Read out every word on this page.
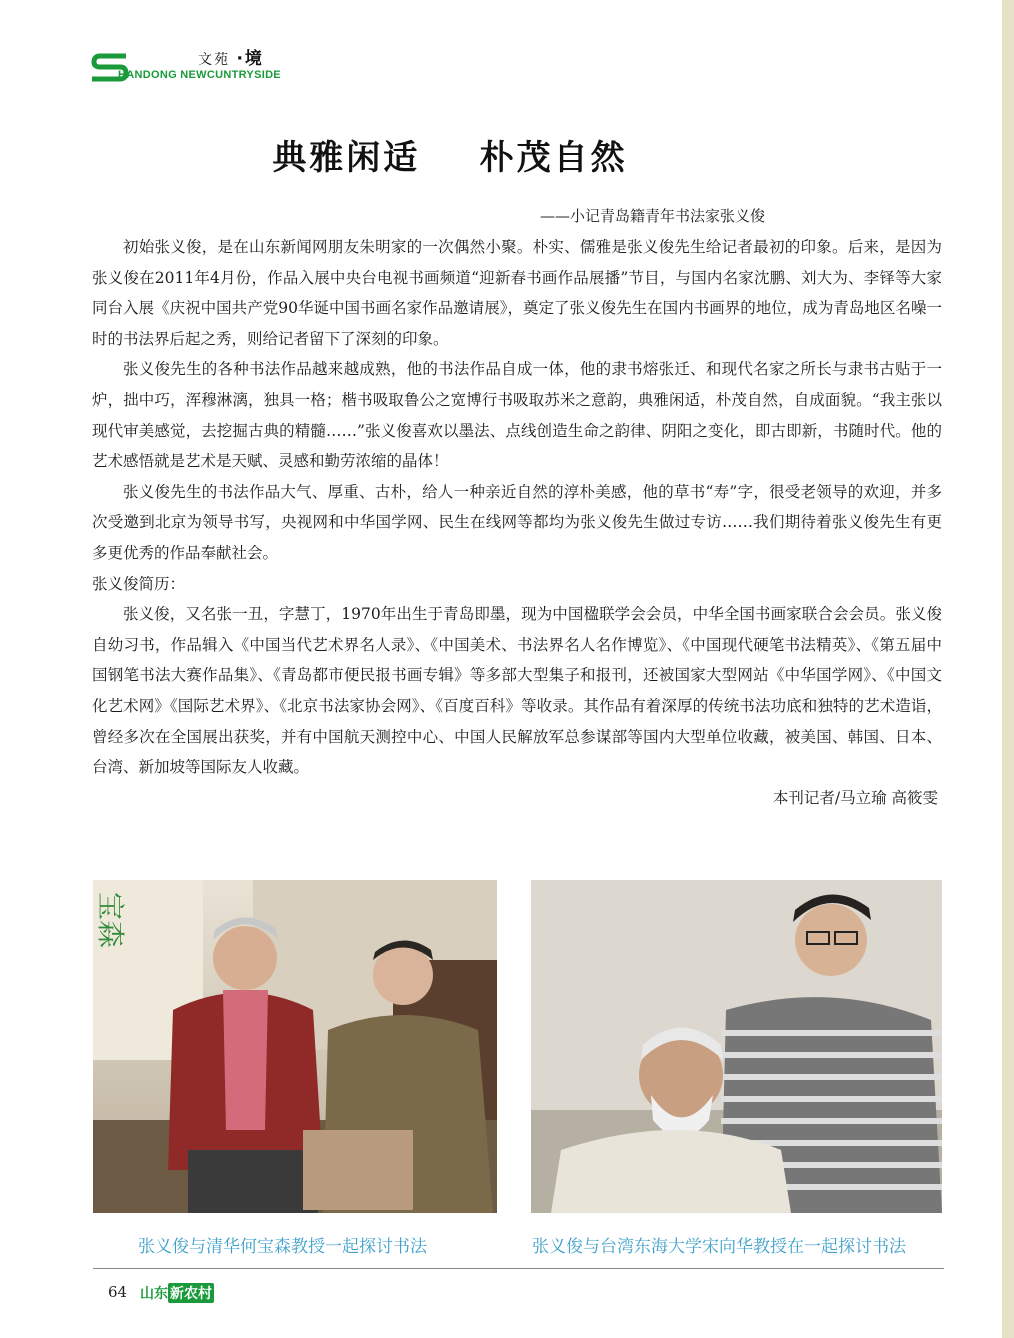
文苑 ·境
HANDONG NEWCUNTRYSIDE
典雅闲适    朴茂自然
——小记青岛籍青年书法家张义俊

初始张义俊，是在山东新闻网朋友朱明家的一次偶然小聚。朴实、儒雅是张义俊先生给记者最初的印象。后来，是因为张义俊在2011年4月份，作品入展中央台电视书画频道“迎新春书画作品展播”节目，与国内名家沈鹏、刘大为、李铎等大家同台入展《庆祝中国共产党90华诞中国书画名家作品邀请展》，奠定了张义俊先生在国内书画界的地位，成为青岛地区名噪一时的书法界后起之秀，则给记者留下了深刻的印象。

张义俊先生的各种书法作品越来越成熟，他的书法作品自成一体，他的隶书熔张迁、和现代名家之所长与隶书古贴于一炉，拙中巧，浑穆淋漓，独具一格；楷书吸取鲁公之宽博行书吸取苏米之意韵，典雅闲适，朴茂自然，自成面貌。“我主张以现代审美感觉，去挖掘古典的精髓……”张义俊喜欢以墨法、点线创造生命之韵律、阴阳之变化，即古即新，书随时代。他的艺术感悟就是艺术是天赋、灵感和勤劳浓缩的晶体！

张义俊先生的书法作品大气、厚重、古朴，给人一种亲近自然的淳朴美感，他的草书“寿”字，很受老领导的欢迎，并多次受邀到北京为领导书写，央视网和中华国学网、民生在线网等都均为张义俊先生做过专访……我们期待着张义俊先生有更多更优秀的作品奉献社会。

张义俊简历：

张义俊，又名张一丑，字慧丁，1970年出生于青岛即墨，现为中国楹联学会会员，中华全国书画家联合会会员。张义俊自幼习书，作品辑入《中国当代艺术界名人录》、《中国美术、书法界名人名作博览》、《中国现代硬笔书法精英》、《第五届中国钢笔书法大赛作品集》、《青岛都市便民报书画专辑》等多部大型集子和报刊，还被国家大型网站《中华国学网》、《中国文化艺术网》《国际艺术界》、《北京书法家协会网》、《百度百科》等收录。其作品有着深厚的传统书法功底和独特的艺术造诣，曾经多次在全国展出获奖，并有中国航天测控中心、中国人民解放军总参谋部等国内大型单位收藏，被美国、韩国、日本、台湾、新加坡等国际友人收藏。

本刊记者/马立瑜 高筱雯

宝森
张义俊与清华何宝森教授一起探讨书法	张义俊与台湾东海大学宋向华教授在一起探讨书法
64 山东 新农村
